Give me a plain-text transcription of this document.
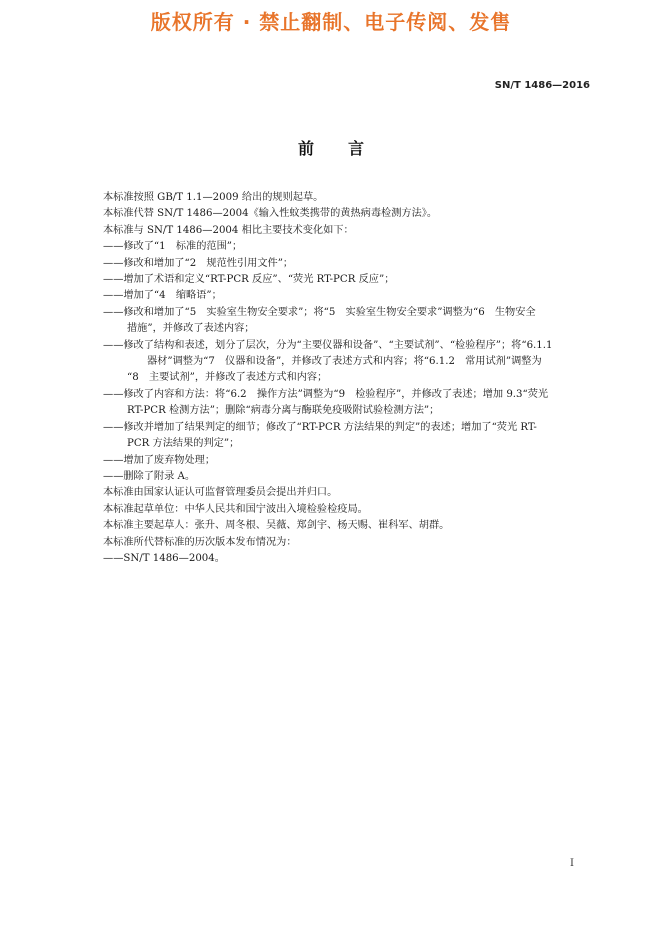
版权所有 · 禁止翻制、电子传阅、发售
SN/T 1486—2016
前言

本标准按照 GB/T 1.1—2009 给出的规则起草。

本标准代替 SN/T 1486—2004《输入性蚊类携带的黄热病毒检测方法》。

本标准与 SN/T 1486—2004 相比主要技术变化如下：

——修改了“1　标准的范围”；

——修改和增加了“2　规范性引用文件”；

——增加了术语和定义“RT-PCR 反应”、“荧光 RT-PCR 反应”；

——增加了“4　缩略语”；

——修改和增加了“5　实验室生物安全要求”；将“5　实验室生物安全要求”调整为“6　生物安全
措施”，并修改了表述内容；

——修改了结构和表述，划分了层次，分为“主要仪器和设备”、“主要试剂”、“检验程序”；将“6.1.1
器材”调整为“7　仪器和设备”，并修改了表述方式和内容；将“6.1.2　常用试剂”调整为
“8　主要试剂”，并修改了表述方式和内容；

——修改了内容和方法：将“6.2　操作方法”调整为“9　检验程序”，并修改了表述；增加 9.3“荧光
RT-PCR 检测方法”；删除“病毒分离与酶联免疫吸附试验检测方法”；

——修改并增加了结果判定的细节；修改了“RT-PCR 方法结果的判定”的表述；增加了“荧光 RT-
PCR 方法结果的判定”；

——增加了废弃物处理；

——删除了附录 A。

本标准由国家认证认可监督管理委员会提出并归口。

本标准起草单位：中华人民共和国宁波出入境检验检疫局。

本标准主要起草人：张升、周冬根、吴薇、郑剑宇、杨天赐、崔科军、胡群。

本标准所代替标准的历次版本发布情况为：

——SN/T 1486—2004。

I
